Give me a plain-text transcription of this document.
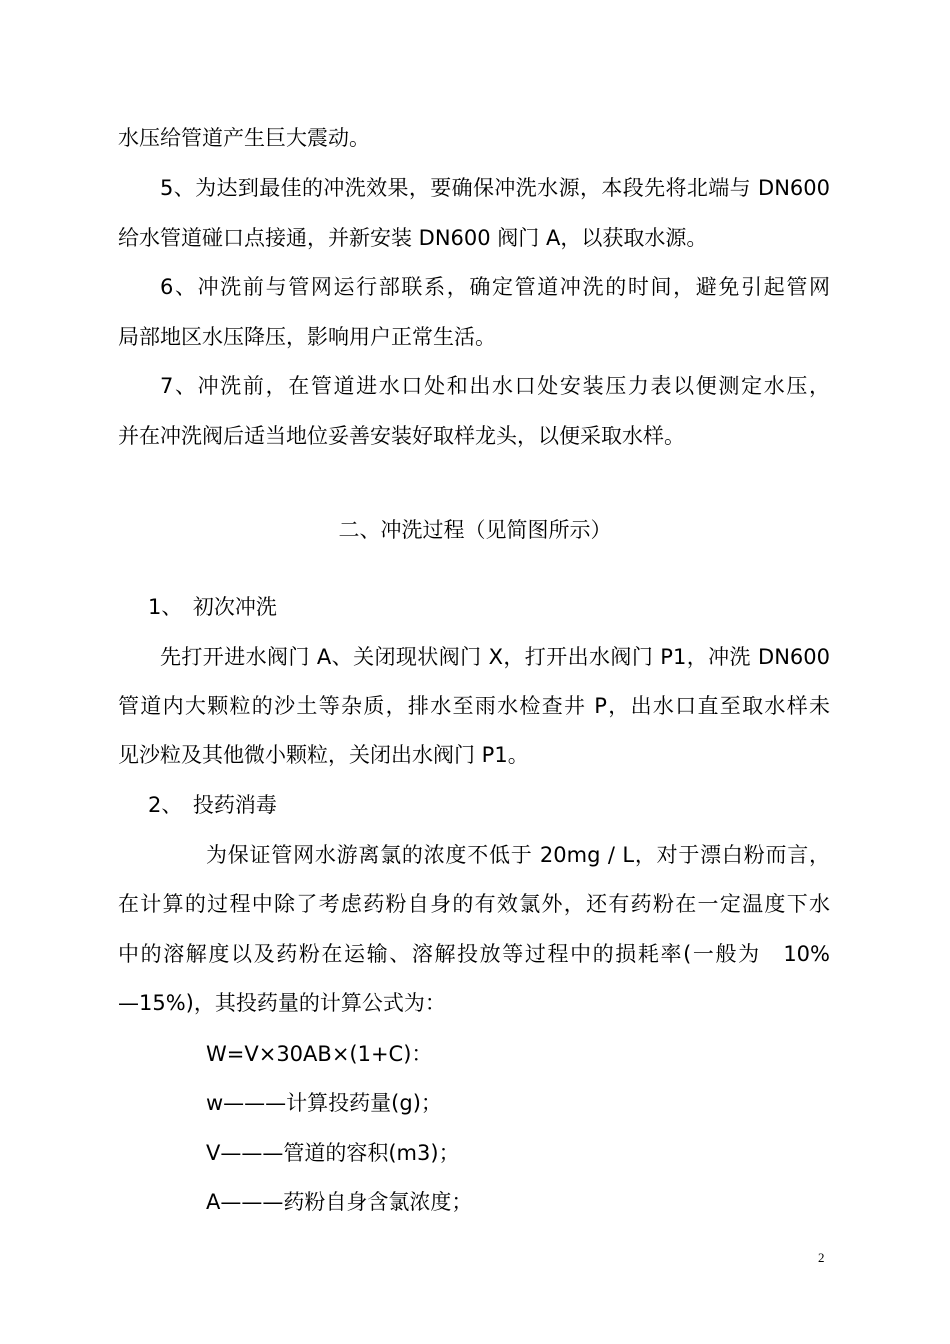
水压给管道产生巨大震动。
5、为达到最佳的冲洗效果，要确保冲洗水源，本段先将北端与 DN600
给水管道碰口点接通，并新安装 DN600 阀门 A，以获取水源。
6、冲洗前与管网运行部联系，确定管道冲洗的时间，避免引起管网
局部地区水压降压，影响用户正常生活。
7、冲洗前，在管道进水口处和出水口处安装压力表以便测定水压，
并在冲洗阀后适当地位妥善安装好取样龙头，以便采取水样。
二、冲洗过程（见简图所示）
1、　初次冲洗
先打开进水阀门 A、关闭现状阀门 X，打开出水阀门 P1，冲洗 DN600
管道内大颗粒的沙土等杂质，排水至雨水检查井 P，出水口直至取水样未
见沙粒及其他微小颗粒，关闭出水阀门 P1。
2、　投药消毒
为保证管网水游离氯的浓度不低于 20mg / L，对于漂白粉而言，
在计算的过程中除了考虑药粉自身的有效氯外，还有药粉在一定温度下水
中的溶解度以及药粉在运输、溶解投放等过程中的损耗率(一般为　10%
—15%)，其投药量的计算公式为：
W=V×30AB×(1+C)：
w———计算投药量(g)；
V———管道的容积(m3)；
A———药粉自身含氯浓度；
2
